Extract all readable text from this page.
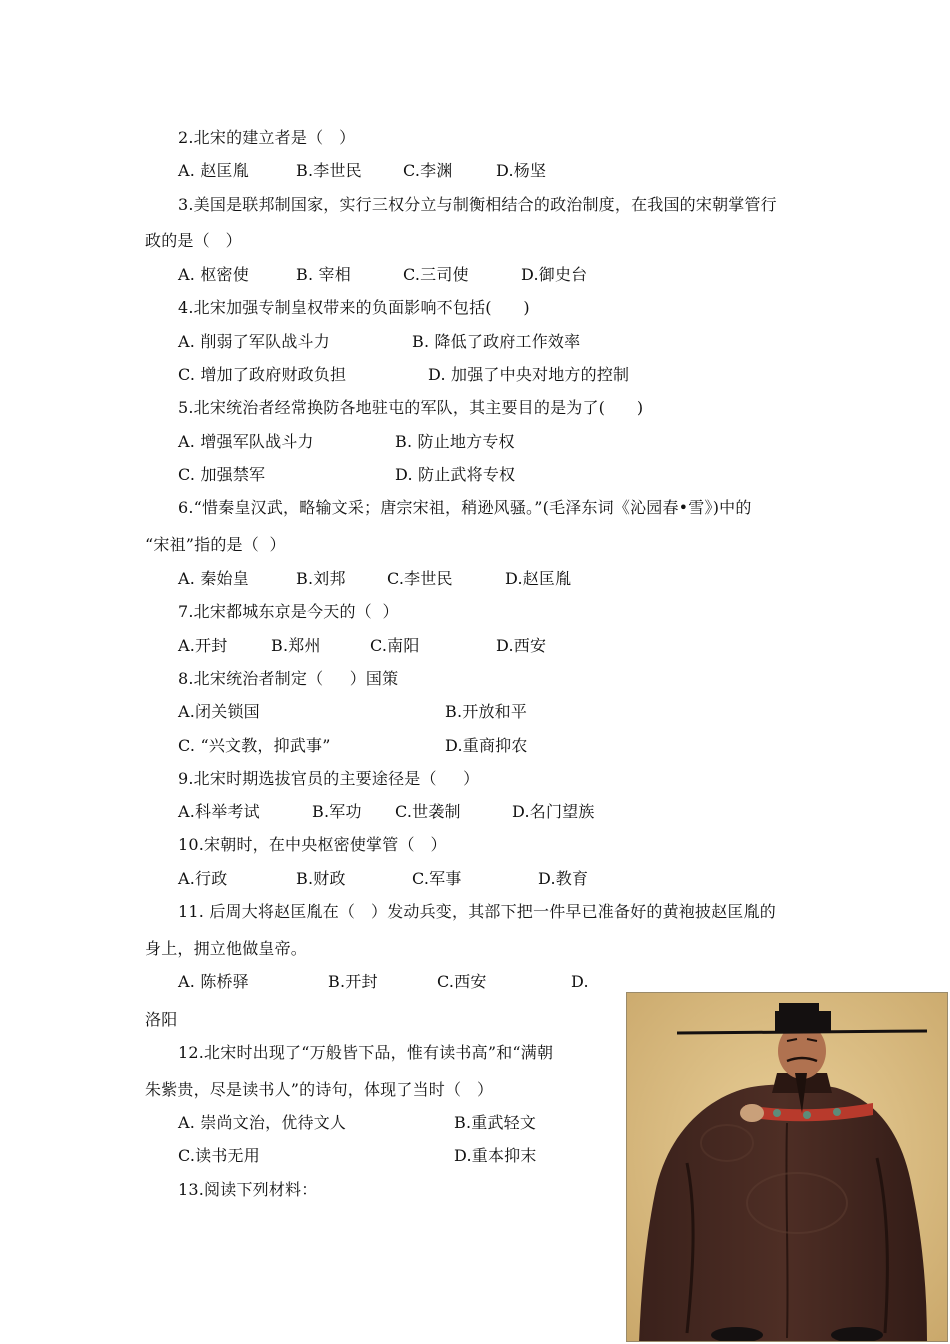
2.北宋的建立者是（   ）
A. 赵匡胤	B.李世民	C.李渊	D.杨坚
3.美国是联邦制国家，实行三权分立与制衡相结合的政治制度，在我国的宋朝掌管行
政的是（   ）
A. 枢密使	B. 宰相	C.三司使	D.御史台
4.北宋加强专制皇权带来的负面影响不包括(      )
A. 削弱了军队战斗力	B. 降低了政府工作效率
C. 增加了政府财政负担	D. 加强了中央对地方的控制
5.北宋统治者经常换防各地驻屯的军队，其主要目的是为了(      )
A. 增强军队战斗力	B. 防止地方专权
C. 加强禁军	D. 防止武将专权
6.“惜秦皇汉武，略输文采；唐宗宋祖，稍逊风骚。”(毛泽东词《沁园春•雪》)中的
“宋祖”指的是（  ）
A. 秦始皇	B.刘邦	C.李世民	D.赵匡胤
7.北宋都城东京是今天的（  ）
A.开封	B.郑州	C.南阳	D.西安
8.北宋统治者制定（     ）国策
A.闭关锁国	B.开放和平
C. “兴文教，抑武事”	D.重商抑农
9.北宋时期选拔官员的主要途径是（     ）
A.科举考试	B.军功 C.世袭制	D.名门望族
10.宋朝时，在中央枢密使掌管（   ）
A.行政	B.财政	C.军事	D.教育
11. 后周大将赵匡胤在（   ）发动兵变，其部下把一件早已准备好的黄袍披赵匡胤的
身上，拥立他做皇帝。
A. 陈桥驿	B.开封	C.西安	D.
洛阳
12.北宋时出现了“万般皆下品，惟有读书高”和“满朝
朱紫贵，尽是读书人”的诗句，体现了当时（   ）
A. 崇尚文治，优待文人	B.重武轻文
C.读书无用	D.重本抑末
13.阅读下列材料：
